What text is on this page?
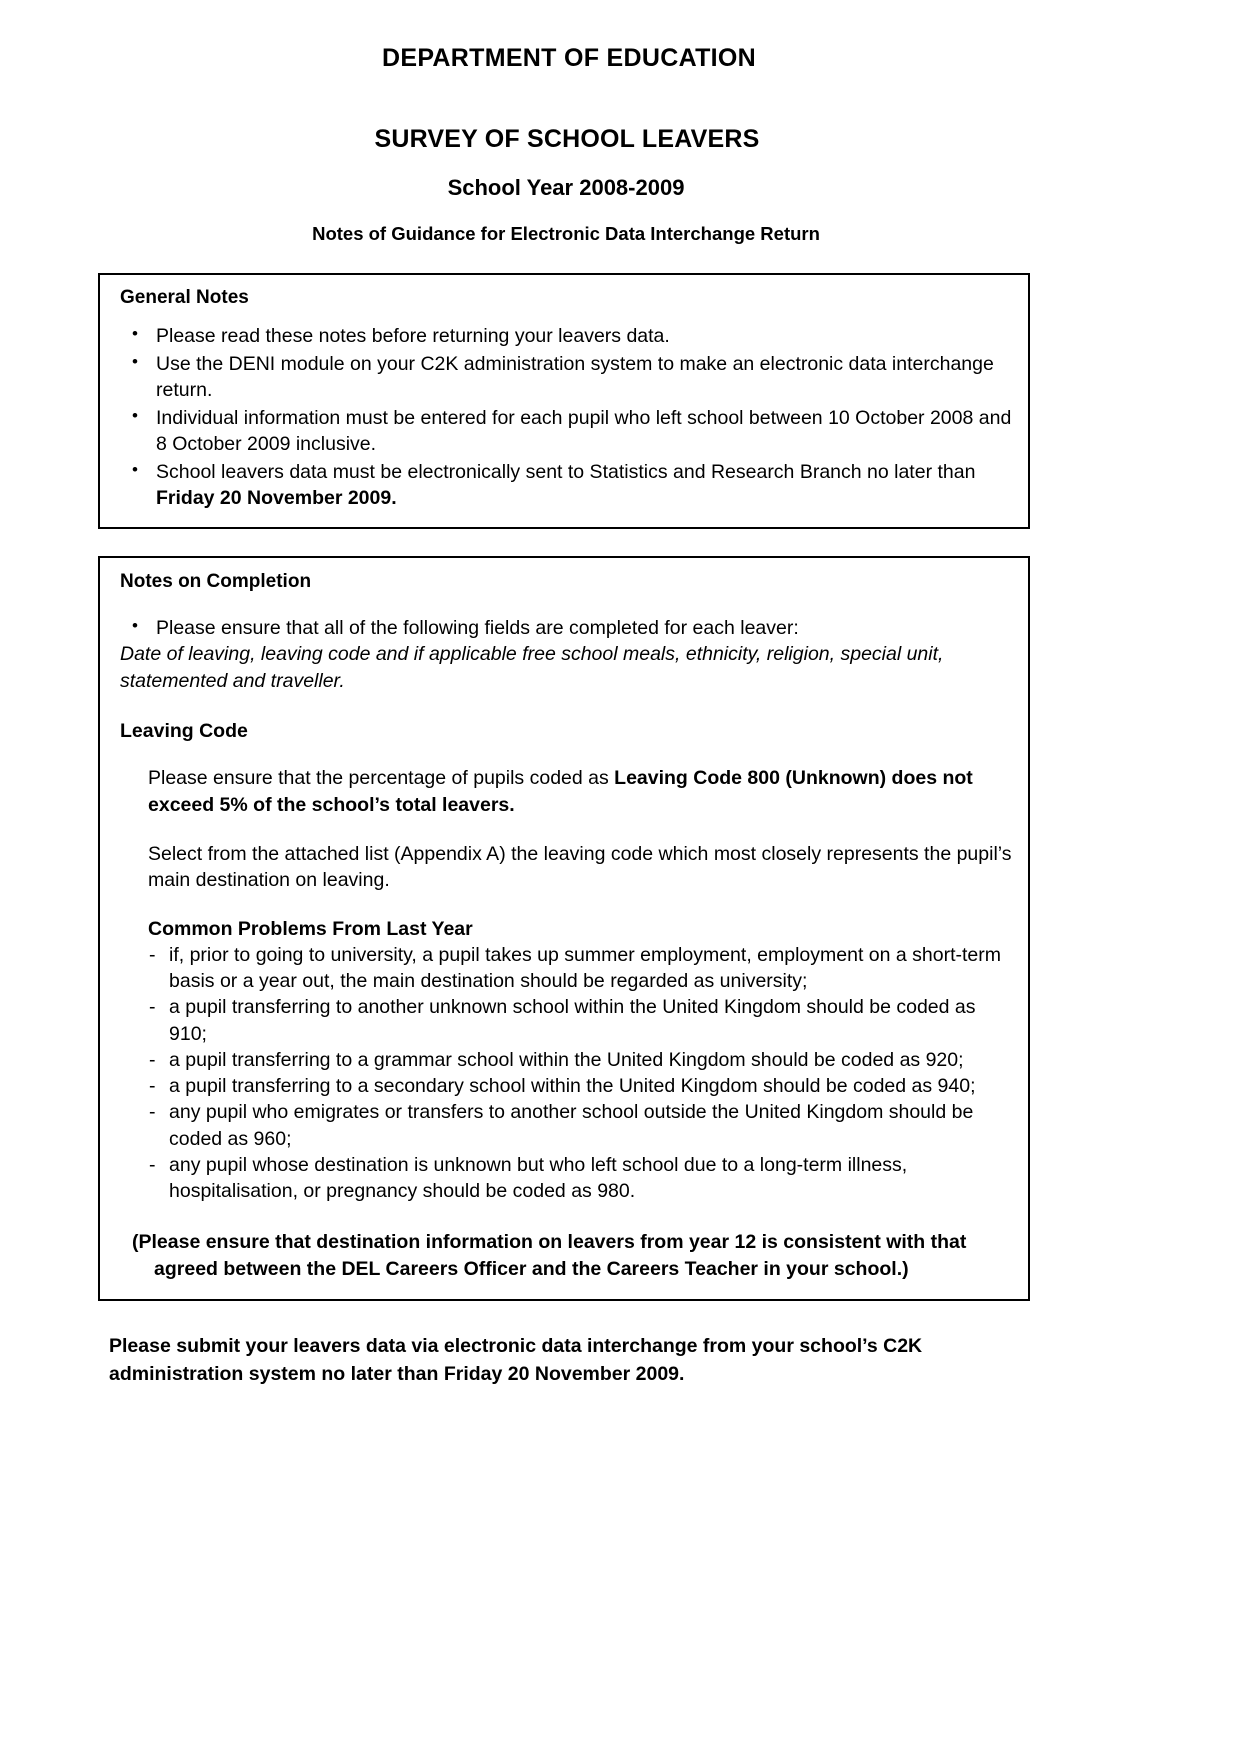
DEPARTMENT OF EDUCATION
SURVEY OF SCHOOL LEAVERS
School Year 2008-2009
Notes of Guidance for Electronic Data Interchange Return
General Notes
• Please read these notes before returning your leavers data.
• Use the DENI module on your C2K administration system to make an electronic data interchange return.
• Individual information must be entered for each pupil who left school between 10 October 2008 and 8 October 2009 inclusive.
• School leavers data must be electronically sent to Statistics and Research Branch no later than Friday 20 November 2009.
Notes on Completion
• Please ensure that all of the following fields are completed for each leaver:
Date of leaving, leaving code and if applicable free school meals, ethnicity, religion, special unit,
statemented and traveller.
Leaving Code
Please ensure that the percentage of pupils coded as Leaving Code 800 (Unknown) does not exceed 5% of the school’s total leavers.
Select from the attached list (Appendix A) the leaving code which most closely represents the pupil’s main destination on leaving.
Common Problems From Last Year
- if, prior to going to university, a pupil takes up summer employment, employment on a short-term basis or a year out, the main destination should be regarded as university;
- a pupil transferring to another unknown school within the United Kingdom should be coded as 910;
- a pupil transferring to a grammar school within the United Kingdom should be coded as 920;
- a pupil transferring to a secondary school within the United Kingdom should be coded as 940;
- any pupil who emigrates or transfers to another school outside the United Kingdom should be coded as 960;
- any pupil whose destination is unknown but who left school due to a long-term illness, hospitalisation, or pregnancy should be coded as 980.
(Please ensure that destination information on leavers from year 12 is consistent with that agreed between the DEL Careers Officer and the Careers Teacher in your school.)
Please submit your leavers data via electronic data interchange from your school’s C2K administration system no later than Friday 20 November 2009.
